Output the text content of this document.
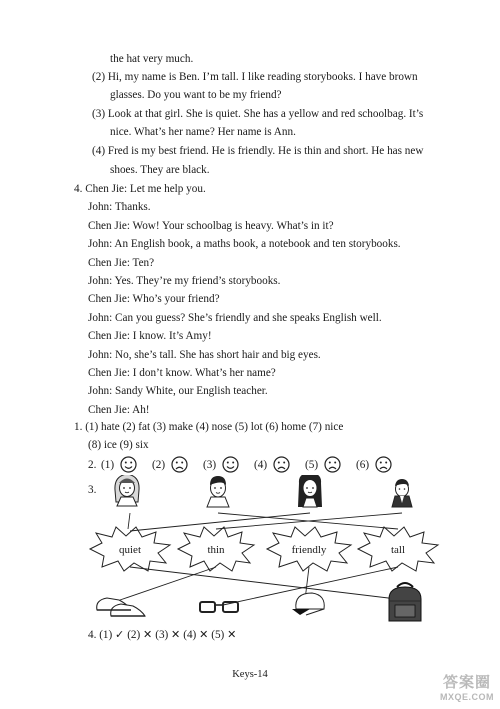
the hat very much.
(2) Hi, my name is Ben. I’m tall. I like reading storybooks. I have brown
glasses. Do you want to be my friend?
(3) Look at that girl. She is quiet. She has a yellow and red schoolbag. It’s
nice. What’s her name? Her name is Ann.
(4) Fred is my best friend. He is friendly. He is thin and short. He has new
shoes. They are black.
4. Chen Jie: Let me help you.
John: Thanks.
Chen Jie: Wow! Your schoolbag is heavy. What’s in it?
John: An English book, a maths book, a notebook and ten storybooks.
Chen Jie: Ten?
John: Yes. They’re my friend’s storybooks.
Chen Jie: Who’s your friend?
John: Can you guess? She’s friendly and she speaks English well.
Chen Jie: I know. It’s Amy!
John: No, she’s tall. She has short hair and big eyes.
Chen Jie: I don’t know. What’s her name?
John: Sandy White, our English teacher.
Chen Jie: Ah!
1. (1) hate (2) fat (3) make (4) nose (5) lot (6) home (7) nice
(8) ice (9) six
2. (1)	(2)	(3)	(4)	(5)	(6)
3.
quiet	thin	friendly	tall
4. (1) ✓ (2) ✕ (3) ✕ (4) ✕ (5) ✕
Keys-14	答案圈
MXQE.COM
